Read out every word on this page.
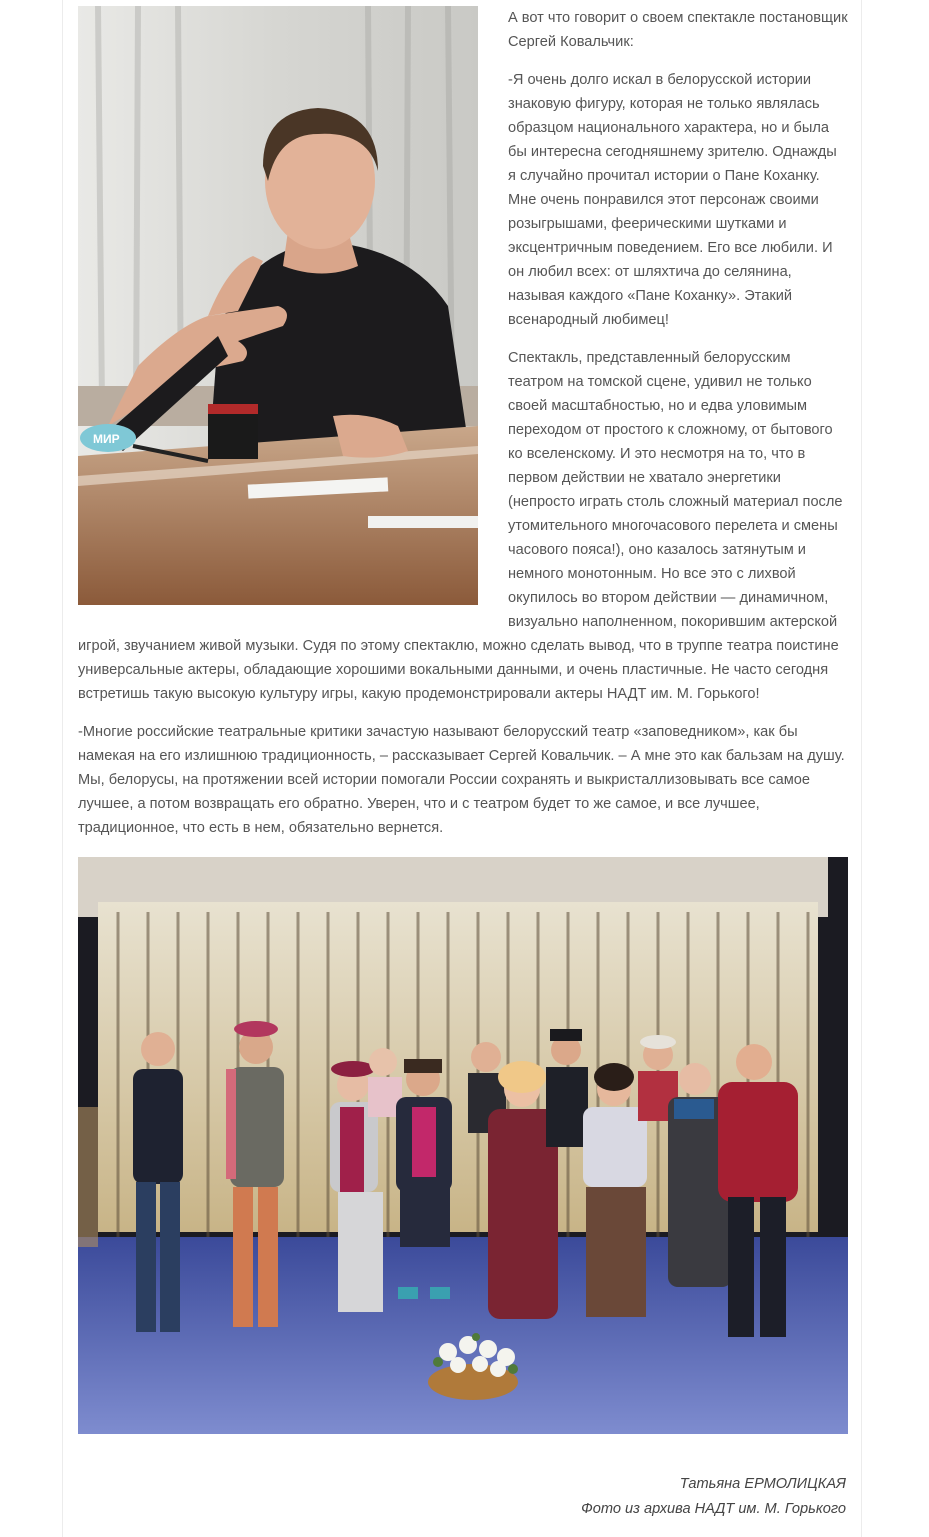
МИР

А вот что говорит о своем спектакле постановщик Сергей Ковальчик:

-Я очень долго искал в белорусской истории знаковую фигуру, которая не только являлась образцом национального характера, но и была бы интересна сегодняшнему зрителю. Однажды я случайно прочитал истории о Пане Коханку. Мне очень понравился этот персонаж своими розыгрышами, феерическими шутками и эксцентричным поведением. Его все любили. И он любил всех: от шляхтича до селянина, называя каждого «Пане Коханку». Этакий всенародный любимец!

Спектакль, представленный белорусским театром на томской сцене, удивил не только своей масштабностью, но и едва уловимым переходом от простого к сложному, от бытового ко вселенскому. И это несмотря на то, что в первом действии не хватало энергетики (непросто играть столь сложный материал после утомительного многочасового перелета и смены часового пояса!), оно казалось затянутым и немного монотонным. Но все это с лихвой окупилось во втором действии — динамичном, визуально наполненном, покорившим актерской игрой, звучанием живой музыки. Судя по этому спектаклю, можно сделать вывод, что в труппе театра поистине универсальные актеры, обладающие хорошими вокальными данными, и очень пластичные. Не часто сегодня встретишь такую высокую культуру игры, какую продемонстрировали актеры НАДТ им. М. Горького!

-Многие российские театральные критики зачастую называют белорусский театр «заповедником», как бы намекая на его излишнюю традиционность, – рассказывает Сергей Ковальчик. – А мне это как бальзам на душу. Мы, белорусы, на протяжении всей истории помогали России сохранять и выкристаллизовывать все самое лучшее, а потом возвращать его обратно. Уверен, что и с театром будет то же самое, и все лучшее, традиционное, что есть в нем, обязательно вернется.

Татьяна ЕРМОЛИЦКАЯ
Фото из архива НАДТ им. М. Горького
